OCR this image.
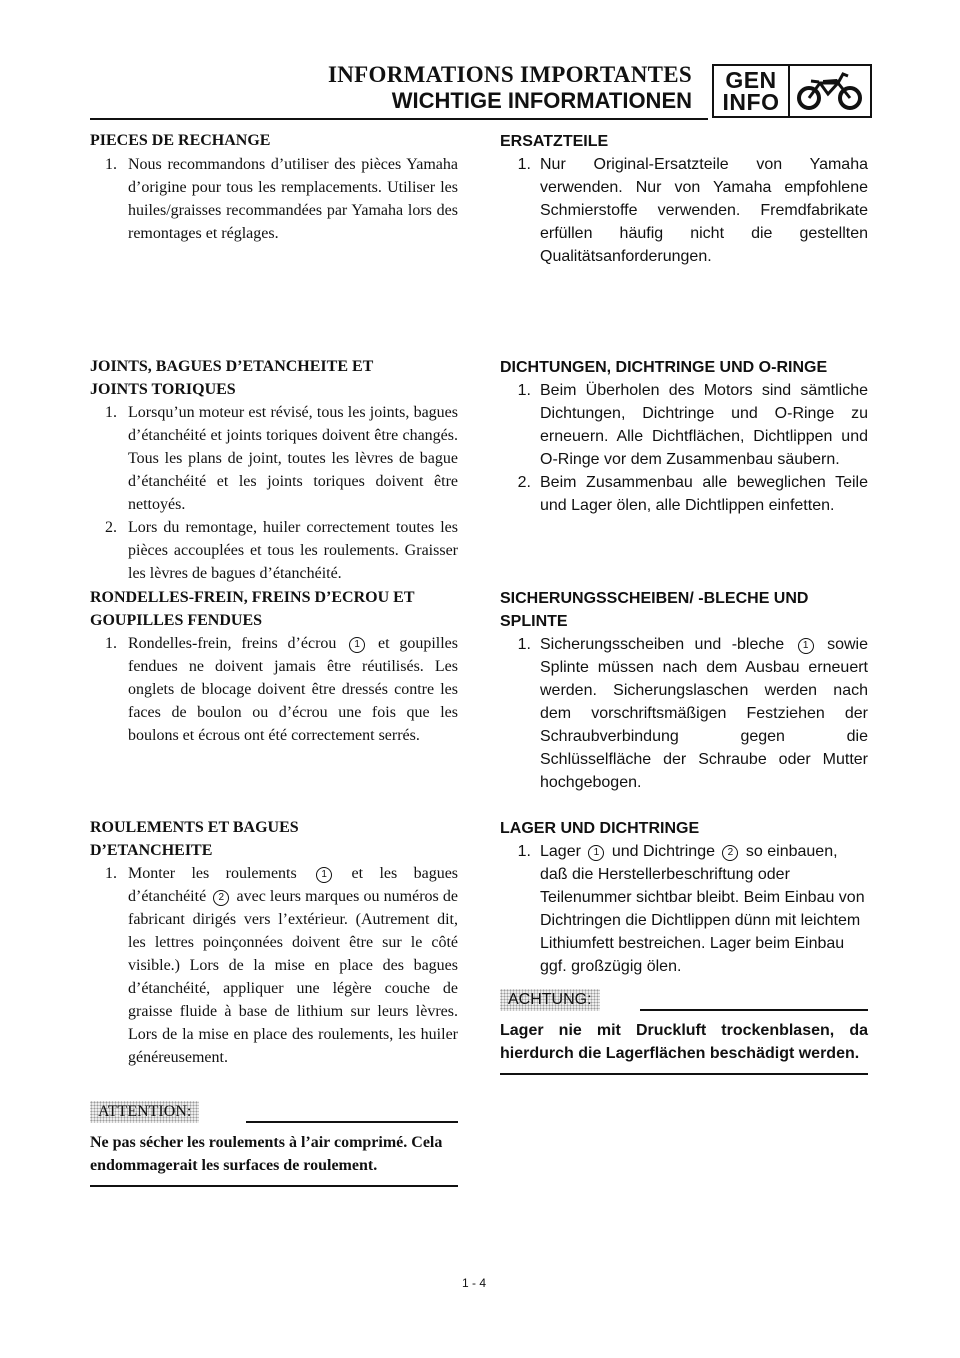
INFORMATIONS IMPORTANTES
WICHTIGE INFORMATIONEN
GEN
INFO
PIECES DE RECHANGE
1. Nous recommandons d’utiliser des pièces Yamaha d’origine pour tous les remplacements. Utiliser les huiles/graisses recommandées par Yamaha lors des remontages et réglages.
JOINTS, BAGUES D’ETANCHEITE ET
JOINTS TORIQUES
1. Lorsqu’un moteur est révisé, tous les joints, bagues d’étanchéité et joints toriques doivent être changés. Tous les plans de joint, toutes les lèvres de bague d’étanchéité et les joints toriques doivent être nettoyés.
2. Lors du remontage, huiler correctement toutes les pièces accouplées et tous les roulements. Graisser les lèvres de bagues d’étanchéité.
RONDELLES-FREIN, FREINS D’ECROU ET
GOUPILLES FENDUES
1. Rondelles-frein, freins d’écrou 1 et goupilles fendues ne doivent jamais être réutilisés. Les onglets de blocage doivent être dressés contre les faces de boulon ou d’écrou une fois que les boulons et écrous ont été correctement serrés.
ROULEMENTS ET BAGUES
D’ETANCHEITE
1. Monter les roulements 1 et les bagues d’étanchéité 2 avec leurs marques ou numéros de fabricant dirigés vers l’extérieur. (Autrement dit, les lettres poinçonnées doivent être sur le côté visible.) Lors de la mise en place des bagues d’étanchéité, appliquer une légère couche de graisse fluide à base de lithium sur leurs lèvres. Lors de la mise en place des roulements, les huiler généreusement.
ATTENTION:
Ne pas sécher les roulements à l’air comprimé. Cela endommagerait les surfaces de roulement.
ERSATZTEILE
1. Nur Original-Ersatzteile von Yamaha verwenden. Nur von Yamaha empfohlene Schmierstoffe verwenden. Fremdfabrikate erfüllen häufig nicht die gestellten Qualitätsanforderungen.
DICHTUNGEN, DICHTRINGE UND O-RINGE
1. Beim Überholen des Motors sind sämtliche Dichtungen, Dichtringe und O-Ringe zu erneuern. Alle Dichtflächen, Dichtlippen und O-Ringe vor dem Zusammenbau säubern.
2. Beim Zusammenbau alle beweglichen Teile und Lager ölen, alle Dichtlippen einfetten.
SICHERUNGSSCHEIBEN/ -BLECHE UND
SPLINTE
1. Sicherungsscheiben und -bleche 1 sowie Splinte müssen nach dem Ausbau erneuert werden. Sicherungslaschen werden nach dem vorschriftsmäßigen Festziehen der Schraubverbindung gegen die Schlüsselfläche der Schraube oder Mutter hochgebogen.
LAGER UND DICHTRINGE
1. Lager 1 und Dichtringe 2 so einbauen, daß die Herstellerbeschriftung oder Teilenummer sichtbar bleibt. Beim Einbau von Dichtringen die Dichtlippen dünn mit leichtem Lithiumfett bestreichen. Lager beim Einbau ggf. großzügig ölen.
ACHTUNG:
Lager nie mit Druckluft trockenblasen, da hierdurch die Lagerflächen beschädigt werden.
1 - 4
